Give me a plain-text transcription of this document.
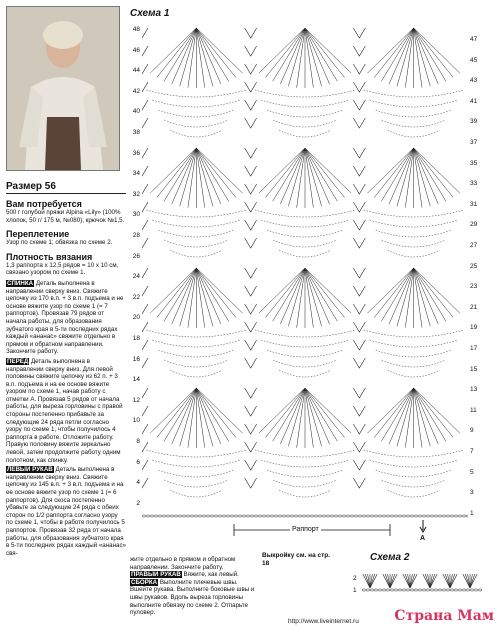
Размер 56
Вам потребуется
500 г голубой пряжи Alpina «Lily» (100% хлопок, 50 г/ 175 м, №080); крючок №1,5.
Переплетение
Узор по схеме 1; обвязка по схеме 2.
Плотность вязания
1,3 раппорта x 12,5 рядов = 10 x 10 см, связано узором по схеме 1.
СПИНКА Деталь выполнена в направлении сверху вниз. Свяжите цепочку из 170 в.п. + 3 в.п. подъема и не основе вяжите узор по схеме 1 (= 7 раппортов). Провязав 79 рядов от начала работы, для образования зубчатого края в 5-ти последних рядах каждый «ананас» свяжите отдельно в прямом и обратном направлении. Закончите работу.
ПЕРЕД Деталь выполнена в направлении сверху вниз. Для левой половины свяжите цепочку из 62 п. + 3 в.п. подъема и на ее основе вяжите узором по схеме 1, начав работу с отметки А. Провязав 5 рядов от начала работы, для выреза горловины с правой стороны постепенно прибавьте за следующие 24 ряда петли согласно узору по схеме 1, чтобы получилось 4 раппорта в работе. Отложите работу. Правую половину вяжите зеркально левой, затем продолжите работу одним полотном, как спинку.
ЛЕВЫЙ РУКАВ Деталь выполнена в направлении сверху вниз. Свяжите цепочку из 145 в.п. + 3 в.п. подъема и на ее основе вяжите узор по схеме 1 (= 6 раппортов). Для скоса постепенно убавьте за следующие 24 ряда с обеих сторон по 1/2 раппорта согласно узору по схеме 1, чтобы в работе получилось 5 раппортов. Провязав 32 ряда от начала работы, для образования зубчатого края в 5-ти последних рядах каждый «ананас» свя-
Схема 1
48
46
44
42
40
38
36
34
32
30
28
26
24
22
20
18
16
14
12
10
8
6
4
2
47
45
43
41
39
37
35
33
31
29
27
25
23
21
19
17
15
13
11
9
7
5
3
1
Раппорт
А
жите отдельно в прямом и обратном направлении. Закончите работу.
ПРАВЫЙ РУКАВ Вяжите, как левый.
СБОРКА Выполните плечевые швы. Вшейте рукава. Выполните боковые швы и швы рукавов. Вдоль выреза горловины выполните обвязку по схеме 2. Отпарьте пуловер.
Выкройку см. на стр. 18
Схема 2
2
1
http://www.liveinternet.ru	Страна Мам
